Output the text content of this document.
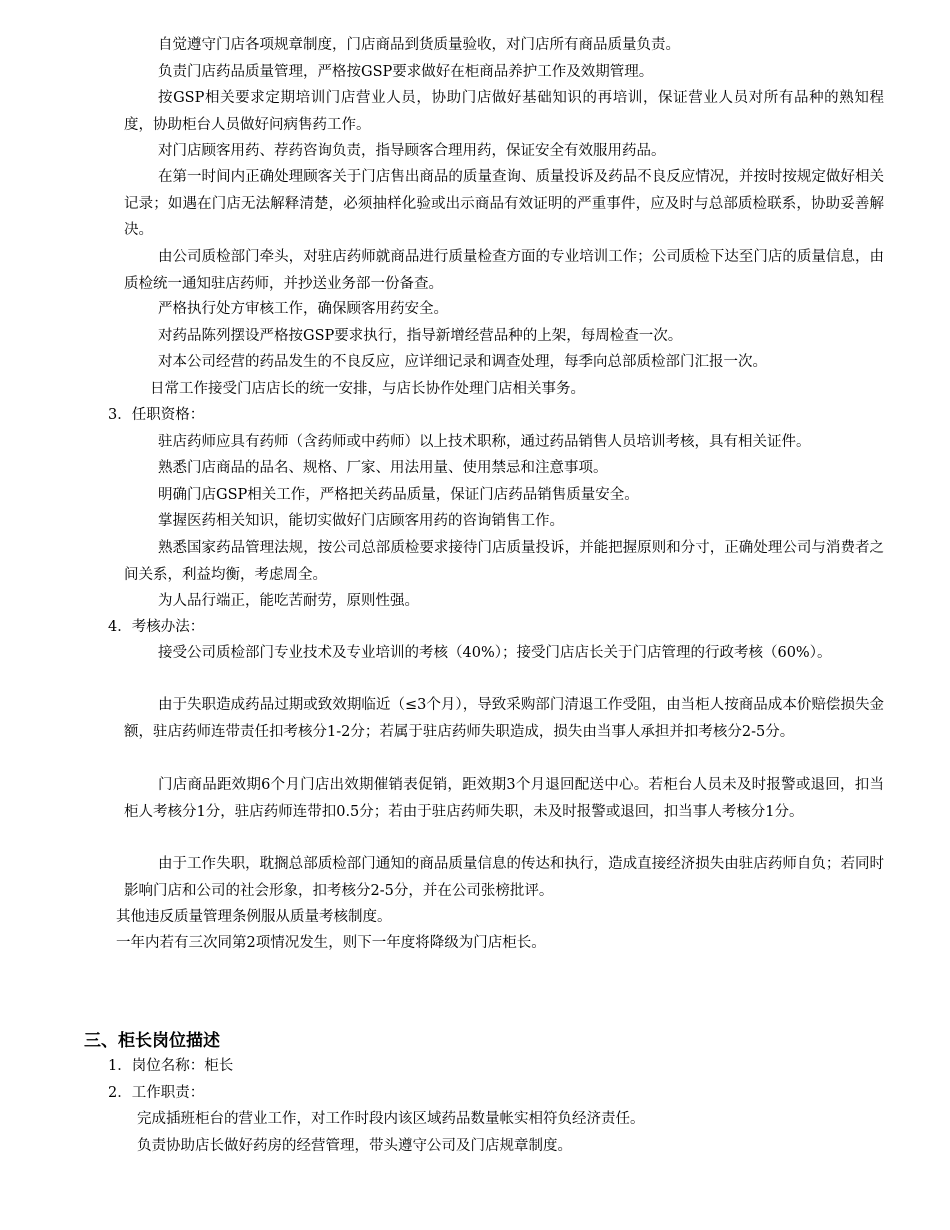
自觉遵守门店各项规章制度，门店商品到货质量验收，对门店所有商品质量负责。
负责门店药品质量管理，严格按GSP要求做好在柜商品养护工作及效期管理。
按GSP相关要求定期培训门店营业人员，协助门店做好基础知识的再培训，保证营业人员对所有品种的熟知程度，协助柜台人员做好问病售药工作。
对门店顾客用药、荐药咨询负责，指导顾客合理用药，保证安全有效服用药品。
在第一时间内正确处理顾客关于门店售出商品的质量查询、质量投诉及药品不良反应情况，并按时按规定做好相关记录；如遇在门店无法解释清楚，必须抽样化验或出示商品有效证明的严重事件，应及时与总部质检联系，协助妥善解决。
由公司质检部门牵头，对驻店药师就商品进行质量检查方面的专业培训工作；公司质检下达至门店的质量信息，由质检统一通知驻店药师，并抄送业务部一份备查。
严格执行处方审核工作，确保顾客用药安全。
对药品陈列摆设严格按GSP要求执行，指导新增经营品种的上架，每周检查一次。
对本公司经营的药品发生的不良反应，应详细记录和调查处理，每季向总部质检部门汇报一次。
日常工作接受门店店长的统一安排，与店长协作处理门店相关事务。
3．任职资格：
驻店药师应具有药师（含药师或中药师）以上技术职称，通过药品销售人员培训考核，具有相关证件。
熟悉门店商品的品名、规格、厂家、用法用量、使用禁忌和注意事项。
明确门店GSP相关工作，严格把关药品质量，保证门店药品销售质量安全。
掌握医药相关知识，能切实做好门店顾客用药的咨询销售工作。
熟悉国家药品管理法规，按公司总部质检要求接待门店质量投诉，并能把握原则和分寸，正确处理公司与消费者之间关系，利益均衡，考虑周全。
为人品行端正，能吃苦耐劳，原则性强。
4．考核办法：
接受公司质检部门专业技术及专业培训的考核（40%）；接受门店店长关于门店管理的行政考核（60%）。
由于失职造成药品过期或致效期临近（≤3个月），导致采购部门清退工作受阻，由当柜人按商品成本价赔偿损失金额，驻店药师连带责任扣考核分1-2分；若属于驻店药师失职造成，损失由当事人承担并扣考核分2-5分。
门店商品距效期6个月门店出效期催销表促销，距效期3个月退回配送中心。若柜台人员未及时报警或退回，扣当柜人考核分1分，驻店药师连带扣0.5分；若由于驻店药师失职，未及时报警或退回，扣当事人考核分1分。
由于工作失职，耽搁总部质检部门通知的商品质量信息的传达和执行，造成直接经济损失由驻店药师自负；若同时影响门店和公司的社会形象，扣考核分2-5分，并在公司张榜批评。
其他违反质量管理条例服从质量考核制度。
一年内若有三次同第2项情况发生，则下一年度将降级为门店柜长。
三、柜长岗位描述
1．岗位名称：柜长
2．工作职责：
完成插班柜台的营业工作，对工作时段内该区域药品数量帐实相符负经济责任。
负责协助店长做好药房的经营管理，带头遵守公司及门店规章制度。
